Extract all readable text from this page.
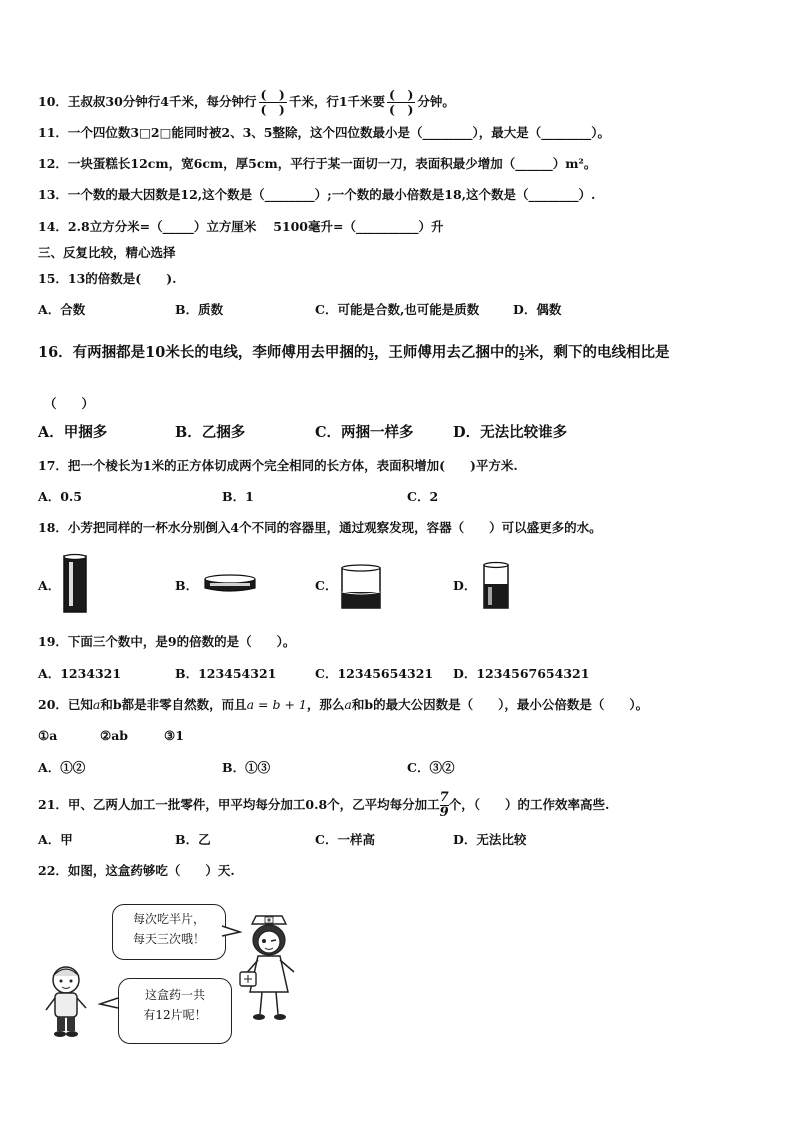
10．王叔叔30分钟行4千米，每分钟行 $\frac{( )}{( )}$ 千米，行1千米要 $\frac{( )}{( )}$ 分钟。
11．一个四位数3□2□能同时被2、3、5整除，这个四位数最小是（________），最大是（________）。
12．一块蛋糕长12cm，宽6cm，厚5cm，平行于某一面切一刀，表面积最少增加（______）m²。
13．一个数的最大因数是12,这个数是（________）;一个数的最小倍数是18,这个数是（________）.
14．2.8立方分米=（_____）立方厘米　 5100毫升=（__________）升
三、反复比较，精心选择
15．13的倍数是(　　).
A．合数	B．质数	C．可能是合数,也可能是质数	D．偶数
16．有两捆都是10米长的电线，李师傅用去甲捆的 $\frac{1}{2}$ ，王师傅用去乙捆中的 $\frac{1}{2}$ 米，剩下的电线相比是
（　　）
A．甲捆多	B．乙捆多	C．两捆一样多	D．无法比较谁多
17．把一个棱长为1米的正方体切成两个完全相同的长方体，表面积增加(　　)平方米.
A．0.5	B．1	C．2
18．小芳把同样的一杯水分别倒入4个不同的容器里，通过观察发现，容器（　　）可以盛更多的水。
A．	B．	C．	D．
19．下面三个数中，是9的倍数的是（　　）。
A．1234321	B．123454321	C．12345654321 D．1234567654321
20．已知a和b都是非零自然数，而且a = b + 1，那么a和b的最大公因数是（　　），最小公倍数是（　　）。
①a	②ab	③1
A．①②	B．①③	C．③②
21．甲、乙两人加工一批零件，甲平均每分加工0.8个，乙平均每分加工 $\frac{7}{9}$ 个，（　　）的工作效率高些.
A．甲	B．乙	C．一样高	D．无法比较
22．如图，这盒药够吃（　　）天.
每次吃半片，
每天三次哦！
这盒药一共
有12片呢！
